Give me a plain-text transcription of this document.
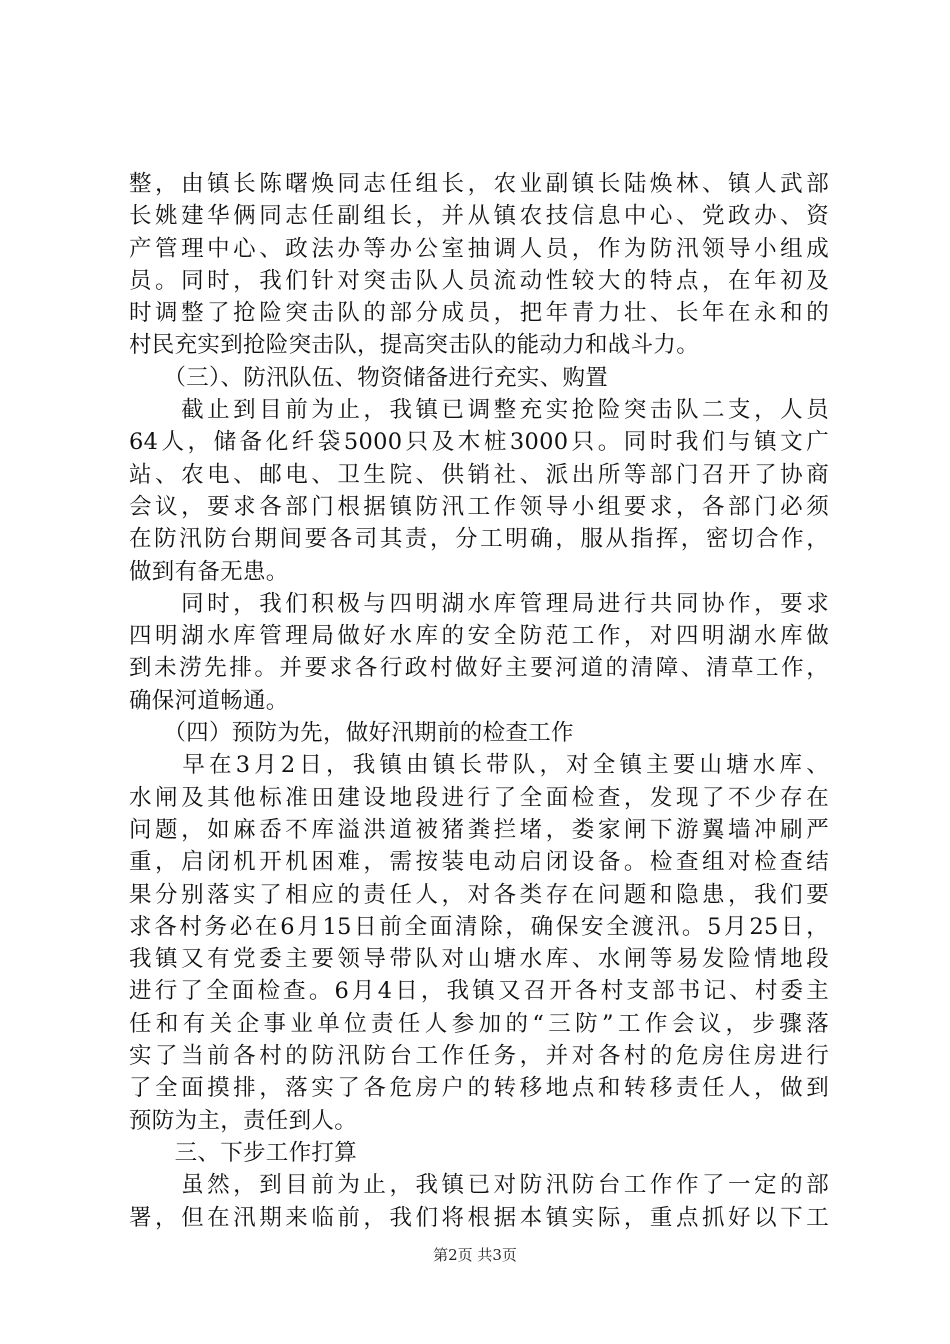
整，由镇长陈曙焕同志任组长，农业副镇长陆焕林、镇人武部
长姚建华俩同志任副组长，并从镇农技信息中心、党政办、资
产管理中心、政法办等办公室抽调人员，作为防汛领导小组成
员。同时，我们针对突击队人员流动性较大的特点，在年初及
时调整了抢险突击队的部分成员，把年青力壮、长年在永和的
村民充实到抢险突击队，提高突击队的能动力和战斗力。
　　（三）、防汛队伍、物资储备进行充实、购置
　　截止到目前为止，我镇已调整充实抢险突击队二支，人员
64人，储备化纤袋5000只及木桩3000只。同时我们与镇文广
站、农电、邮电、卫生院、供销社、派出所等部门召开了协商
会议，要求各部门根据镇防汛工作领导小组要求，各部门必须
在防汛防台期间要各司其责，分工明确，服从指挥，密切合作，
做到有备无患。
　　同时，我们积极与四明湖水库管理局进行共同协作，要求
四明湖水库管理局做好水库的安全防范工作，对四明湖水库做
到未涝先排。并要求各行政村做好主要河道的清障、清草工作，
确保河道畅通。
　　（四）预防为先，做好汛期前的检查工作
　　早在3月2日，我镇由镇长带队，对全镇主要山塘水库、
水闸及其他标准田建设地段进行了全面检查，发现了不少存在
问题，如麻岙不库溢洪道被猪粪拦堵，娄家闸下游翼墙冲刷严
重，启闭机开机困难，需按装电动启闭设备。检查组对检查结
果分别落实了相应的责任人，对各类存在问题和隐患，我们要
求各村务必在6月15日前全面清除，确保安全渡汛。5月25日，
我镇又有党委主要领导带队对山塘水库、水闸等易发险情地段
进行了全面检查。6月4日，我镇又召开各村支部书记、村委主
任和有关企事业单位责任人参加的“三防”工作会议，步骤落
实了当前各村的防汛防台工作任务，并对各村的危房住房进行
了全面摸排，落实了各危房户的转移地点和转移责任人，做到
预防为主，责任到人。
　　三、下步工作打算
　　虽然，到目前为止，我镇已对防汛防台工作作了一定的部
署，但在汛期来临前，我们将根据本镇实际，重点抓好以下工
第2页 共3页
